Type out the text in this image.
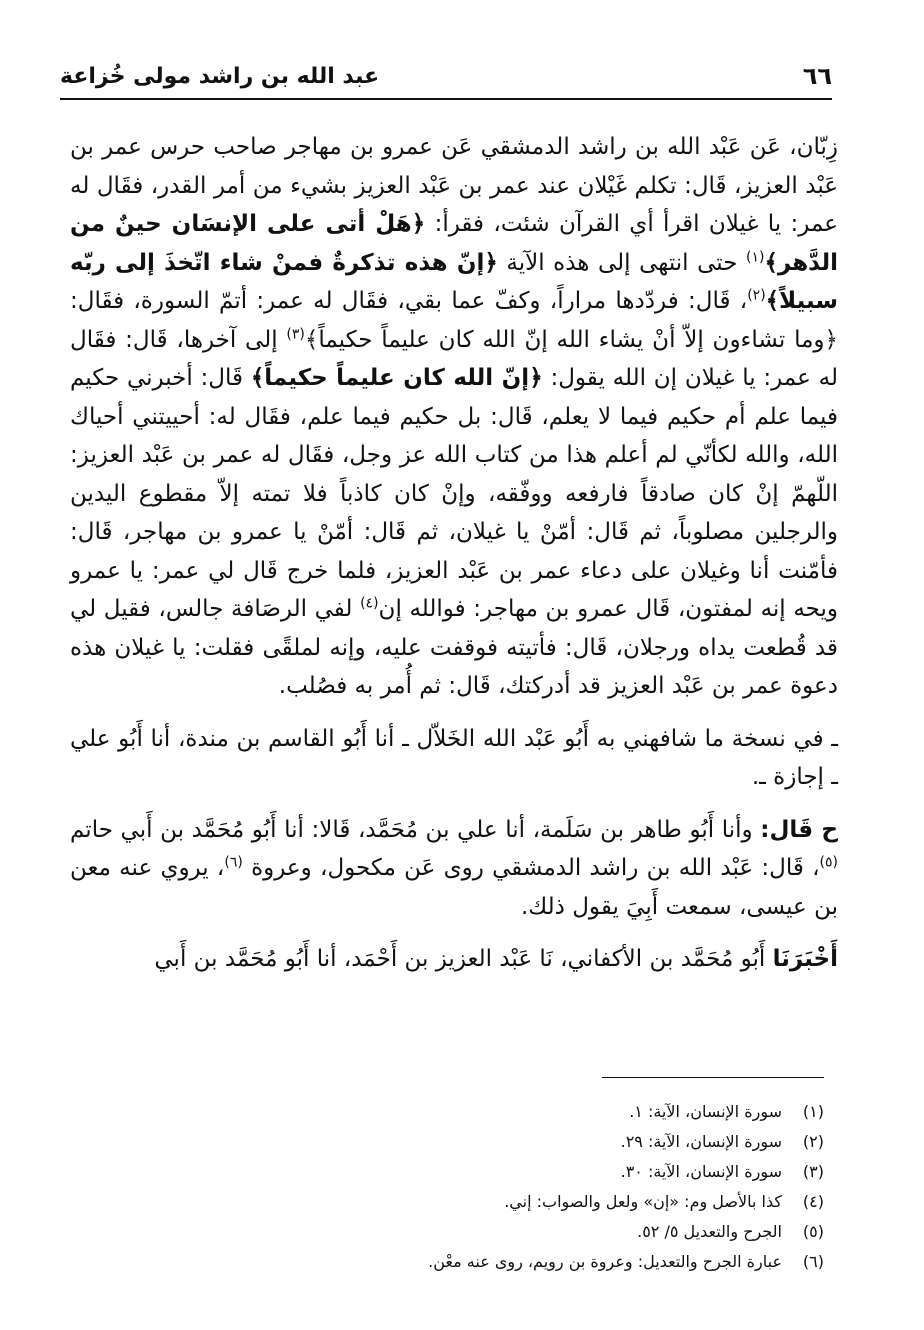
عبد الله بن راشد مولى خُزاعة	٦٦

زِبّان، عَن عَبْد الله بن راشد الدمشقي عَن عمرو بن مهاجر صاحب حرس عمر بن عَبْد العزيز، قَال: تكلم غَيْلان عند عمر بن عَبْد العزيز بشيء من أمر القدر، فقَال له عمر: يا غيلان اقرأ أي القرآن شئت، فقرأ: ﴿هَلْ أتى على الإنسَان حينٌ من الدَّهر﴾$^{(١)}$ حتى انتهى إلى هذه الآية ﴿إنّ هذه تذكرةٌ فمنْ شاء اتّخذَ إلى ربّه سبيلاً﴾$^{(٢)}$، قَال: فردّدها مراراً، وكفّ عما بقي، فقَال له عمر: أتمّ السورة، فقَال: ﴿وما تشاءون إلاّ أنْ يشاء الله إنّ الله كان عليماً حكيماً﴾$^{(٣)}$ إلى آخرها، قَال: فقَال له عمر: يا غيلان إن الله يقول: ﴿إنّ الله كان عليماً حكيماً﴾ قَال: أخبرني حكيم فيما علم أم حكيم فيما لا يعلم، قَال: بل حكيم فيما علم، فقَال له: أحييتني أحياك الله، والله لكأنّي لم أعلم هذا من كتاب الله عز وجل، فقَال له عمر بن عَبْد العزيز: اللّهمّ إنْ كان صادقاً فارفعه ووفّقه، وإنْ كان كاذباً فلا تمته إلاّ مقطوع اليدين والرجلين مصلوباً، ثم قَال: أمّنْ يا غيلان، ثم قَال: أمّنْ يا عمرو بن مهاجر، قَال: فأمّنت أنا وغيلان على دعاء عمر بن عَبْد العزيز، فلما خرج قَال لي عمر: يا عمرو ويحه إنه لمفتون، قَال عمرو بن مهاجر: فوالله إن$^{(٤)}$ لفي الرصَافة جالس، فقيل لي قد قُطعت يداه ورجلان، قَال: فأتيته فوقفت عليه، وإنه لملقًى فقلت: يا غيلان هذه دعوة عمر بن عَبْد العزيز قد أدركتك، قَال: ثم أُمر به فصُلب.

ـ في نسخة ما شافهني به أَبُو عَبْد الله الخَلاّل ـ أنا أَبُو القاسم بن مندة، أنا أَبُو علي ـ إجازة ـ.

ح قَال: وأنا أَبُو طاهر بن سَلَمة، أنا علي بن مُحَمَّد، قَالا: أنا أَبُو مُحَمَّد بن أَبي حاتم $^{(٥)}$، قَال: عَبْد الله بن راشد الدمشقي روى عَن مكحول، وعروة $^{(٦)}$، يروي عنه معن بن عيسى، سمعت أَبِيَ يقول ذلك.

أَخْبَرَنَا أَبُو مُحَمَّد بن الأكفاني، نَا عَبْد العزيز بن أَحْمَد، أنا أَبُو مُحَمَّد بن أَبي

(١)سورة الإنسان، الآية: ١.
(٢)سورة الإنسان، الآية: ٢٩.
(٣)سورة الإنسان، الآية: ٣٠.
(٤)كذا بالأصل وم: «إن» ولعل والصواب: إني.
(٥)الجرح والتعديل ٥/ ٥٢.
(٦)عبارة الجرح والتعديل: وعروة بن رويم، روى عنه معْن.
